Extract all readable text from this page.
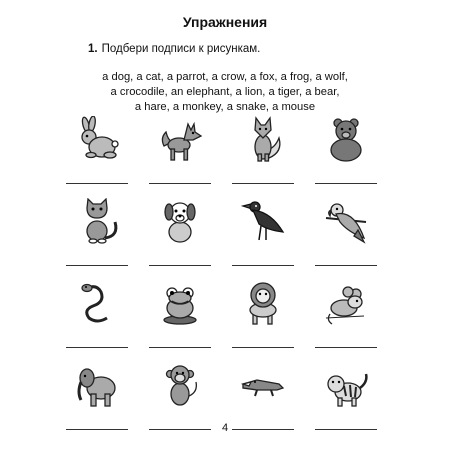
Упражнения
1. Подбери подписи к рисункам.
a dog, a cat, a parrot, a crow, a fox, a frog, a wolf,
a crocodile, an elephant, a lion, a tiger, a bear,
a hare, a monkey, a snake, a mouse
4
